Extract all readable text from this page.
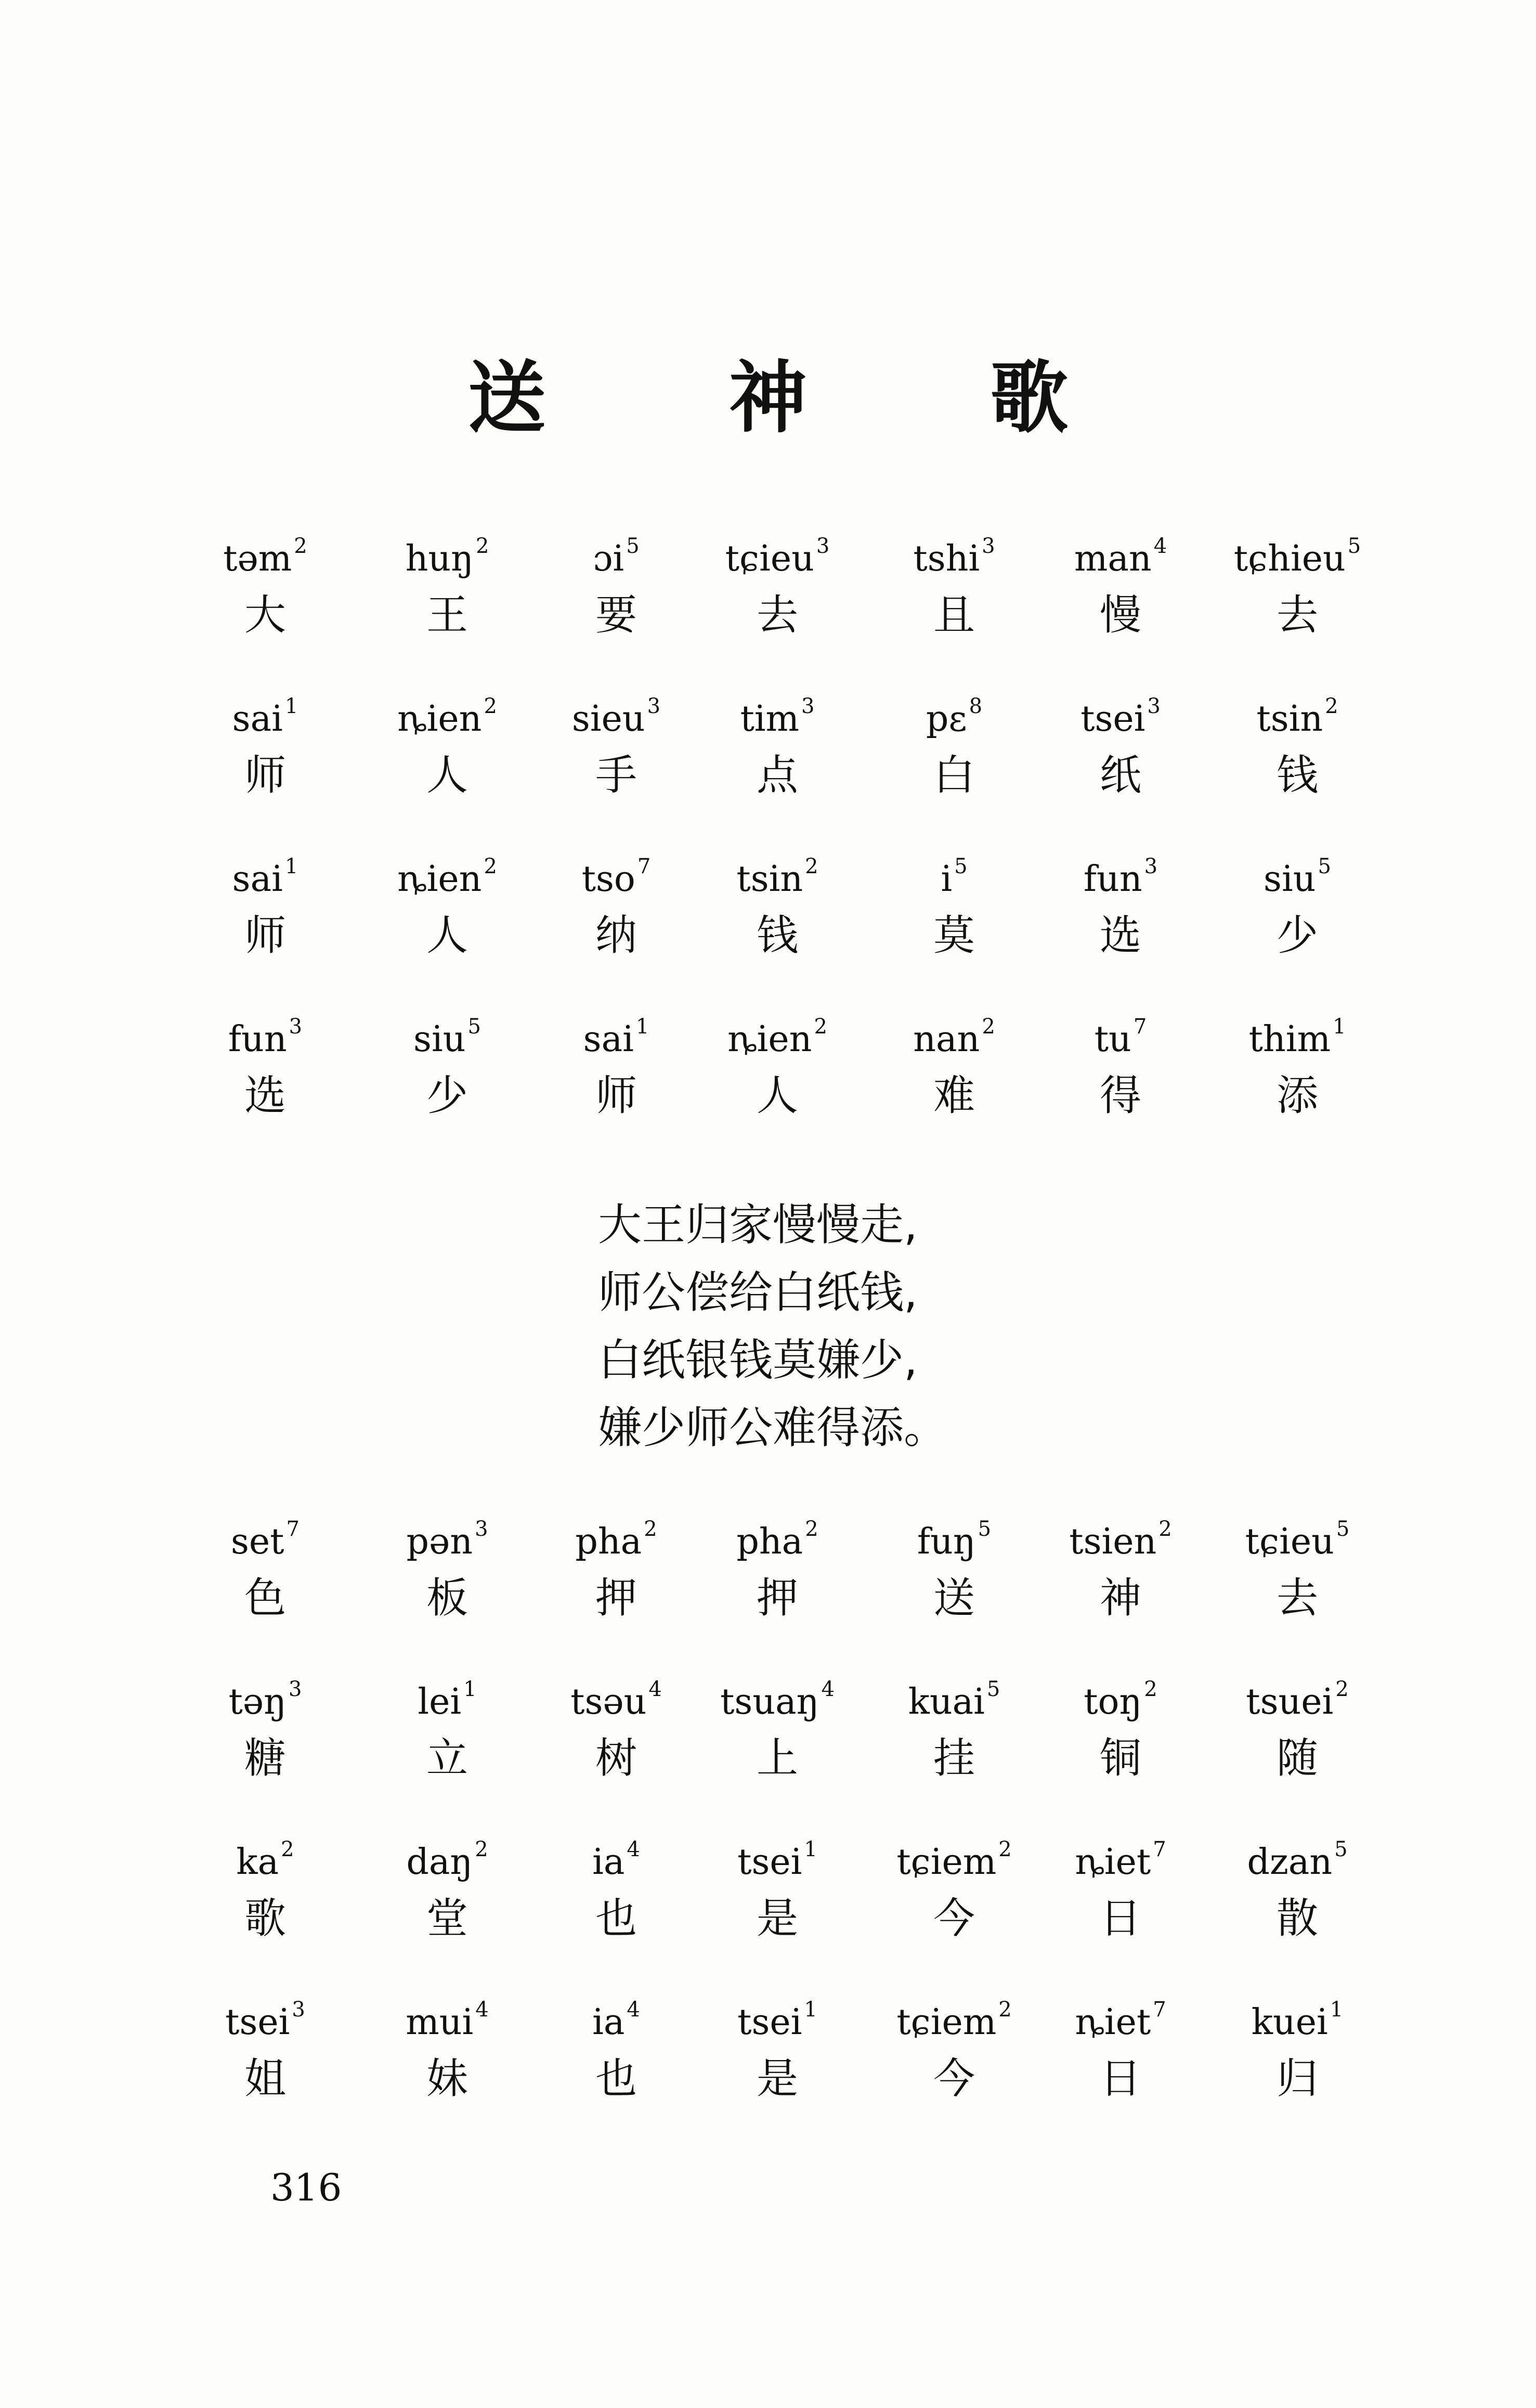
送 神 歌
təm $^2$
大
huŋ $^2$
王
ɔi $^5$
要
tɕieu $^3$
去
tshi $^3$
且
man $^4$
慢
tɕhieu $^5$
去
sai $^1$
师
ȵien $^2$
人
sieu $^3$
手
tim $^3$
点
pɛ $^8$
白
tsei $^3$
纸
tsin $^2$
钱
sai $^1$
师
ȵien $^2$
人
tso $^7$
纳
tsin $^2$
钱
i $^5$
莫
fun $^3$
选
siu $^5$
少
fun $^3$
选
siu $^5$
少
sai $^1$
师
ȵien $^2$
人
nan $^2$
难
tu $^7$
得
thim $^1$
添
大王归家慢慢走,
师公偿给白纸钱,
白纸银钱莫嫌少,
嫌少师公难得添。
set $^7$
色
pən $^3$
板
pha $^2$
押
pha $^2$
押
fuŋ $^5$
送
tsien $^2$
神
tɕieu $^5$
去
təŋ $^3$
糖
lei $^1$
立
tsəu $^4$
树
tsuaŋ $^4$
上
kuai $^5$
挂
toŋ $^2$
铜
tsuei $^2$
随
ka $^2$
歌
daŋ $^2$
堂
ia $^4$
也
tsei $^1$
是
tɕiem $^2$
今
ȵiet $^7$
日
dzan $^5$
散
tsei $^3$
姐
mui $^4$
妹
ia $^4$
也
tsei $^1$
是
tɕiem $^2$
今
ȵiet $^7$
日
kuei $^1$
归
316
